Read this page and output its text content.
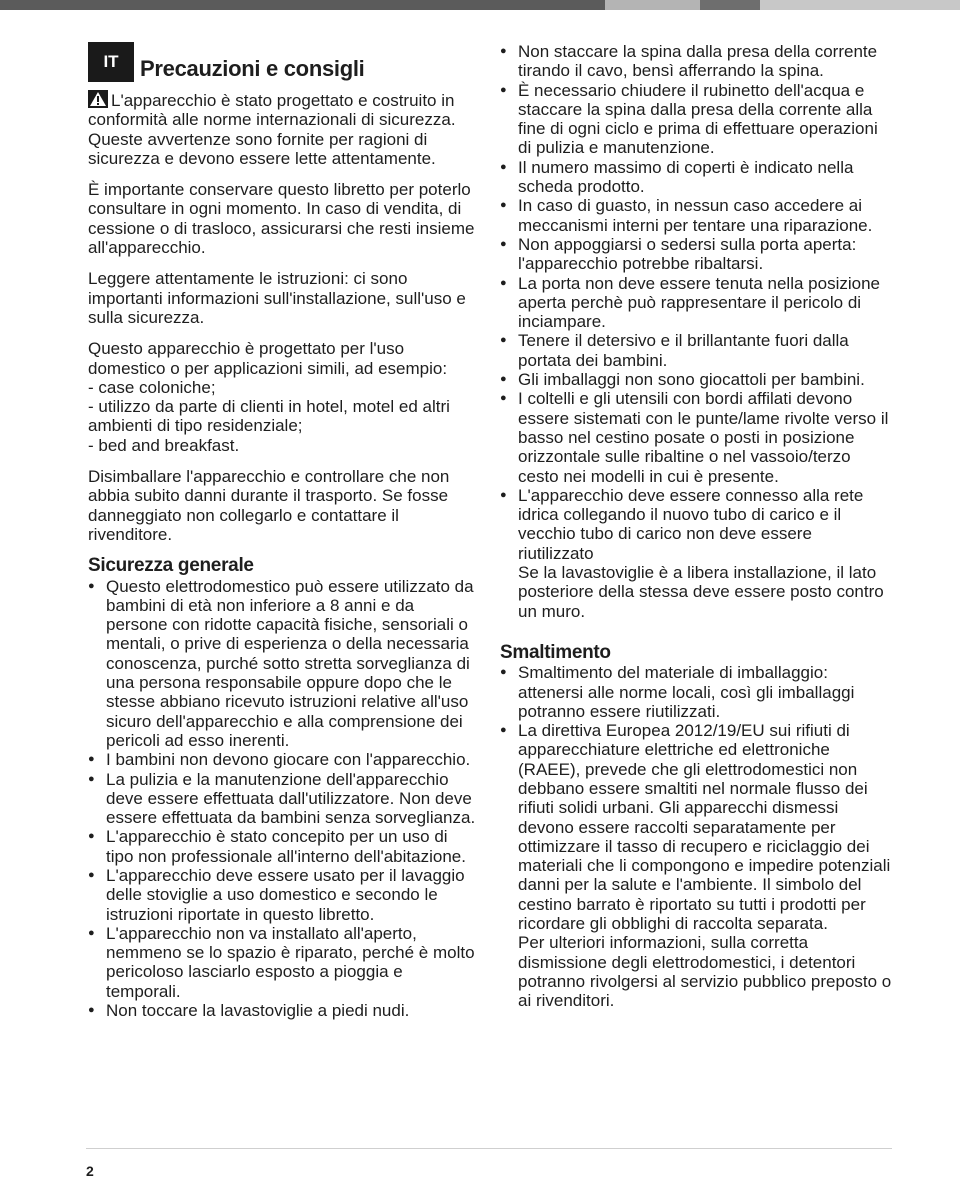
IT Precauzioni e consigli

L'apparecchio è stato progettato e costruito in conformità alle norme internazionali di sicurezza. Queste avvertenze sono fornite per ragioni di sicurezza e devono essere lette attentamente.

È importante conservare questo libretto per poterlo consultare in ogni momento. In caso di vendita, di cessione o di trasloco, assicurarsi che resti insieme all'apparecchio.

Leggere attentamente le istruzioni: ci sono importanti informazioni sull'installazione, sull'uso e sulla sicurezza.

Questo apparecchio è progettato per l'uso domestico o per applicazioni simili, ad esempio:
- case coloniche;
- utilizzo da parte di clienti in hotel, motel ed altri ambienti di tipo residenziale;
- bed and breakfast.

Disimballare l'apparecchio e controllare che non abbia subito danni durante il trasporto. Se fosse danneggiato non collegarlo e contattare il rivenditore.

Sicurezza generale
● Questo elettrodomestico può essere utilizzato da bambini di età non inferiore a 8 anni e da persone con ridotte capacità fisiche, sensoriali o mentali, o prive di esperienza o della necessaria conoscenza, purché sotto stretta sorveglianza di una persona responsabile oppure dopo che le stesse abbiano ricevuto istruzioni relative all'uso sicuro dell'apparecchio e alla comprensione dei pericoli ad esso inerenti.
● I bambini non devono giocare con l'apparecchio.
● La pulizia e la manutenzione dell'apparecchio deve essere effettuata dall'utilizzatore. Non deve essere effettuata da bambini senza sorveglianza.
● L'apparecchio è stato concepito per un uso di tipo non professionale all'interno dell'abitazione.
● L'apparecchio deve essere usato per il lavaggio delle stoviglie a uso domestico e secondo le istruzioni riportate in questo libretto.
● L'apparecchio non va installato all'aperto, nemmeno se lo spazio è riparato, perché è molto pericoloso lasciarlo esposto a pioggia e temporali.
● Non toccare la lavastoviglie a piedi nudi.
● Non staccare la spina dalla presa della corrente tirando il cavo, bensì afferrando la spina.
● È necessario chiudere il rubinetto dell'acqua e staccare la spina dalla presa della corrente alla fine di ogni ciclo e prima di effettuare operazioni di pulizia e manutenzione.
● Il numero massimo di coperti è indicato nella scheda prodotto.
● In caso di guasto, in nessun caso accedere ai meccanismi interni per tentare una riparazione.
● Non appoggiarsi o sedersi sulla porta aperta: l'apparecchio potrebbe ribaltarsi.
● La porta non deve essere tenuta nella posizione aperta perchè può rappresentare il pericolo di inciampare.
● Tenere il detersivo e il brillantante fuori dalla portata dei bambini.
● Gli imballaggi non sono giocattoli per bambini.
● I coltelli e gli utensili con bordi affilati devono essere sistemati con le punte/lame rivolte verso il basso nel cestino posate o posti in posizione orizzontale sulle ribaltine o nel vassoio/terzo cesto nei modelli in cui è presente.
● L'apparecchio deve essere connesso alla rete idrica collegando il nuovo tubo di carico e il vecchio tubo di carico non deve essere riutilizzato

Se la lavastoviglie è a libera installazione, il lato posteriore della stessa deve essere posto contro un muro.

Smaltimento
● Smaltimento del materiale di imballaggio: attenersi alle norme locali, così gli imballaggi potranno essere riutilizzati.
● La direttiva Europea 2012/19/EU sui rifiuti di apparecchiature elettriche ed elettroniche (RAEE), prevede che gli elettrodomestici non debbano essere smaltiti nel normale flusso dei rifiuti solidi urbani. Gli apparecchi dismessi devono essere raccolti separatamente per ottimizzare il tasso di recupero e riciclaggio dei materiali che li compongono e impedire potenziali danni per la salute e l'ambiente. Il simbolo del cestino barrato è riportato su tutti i prodotti per ricordare gli obblighi di raccolta separata.

Per ulteriori informazioni, sulla corretta dismissione degli elettrodomestici, i detentori potranno rivolgersi al servizio pubblico preposto o ai rivenditori.

2
